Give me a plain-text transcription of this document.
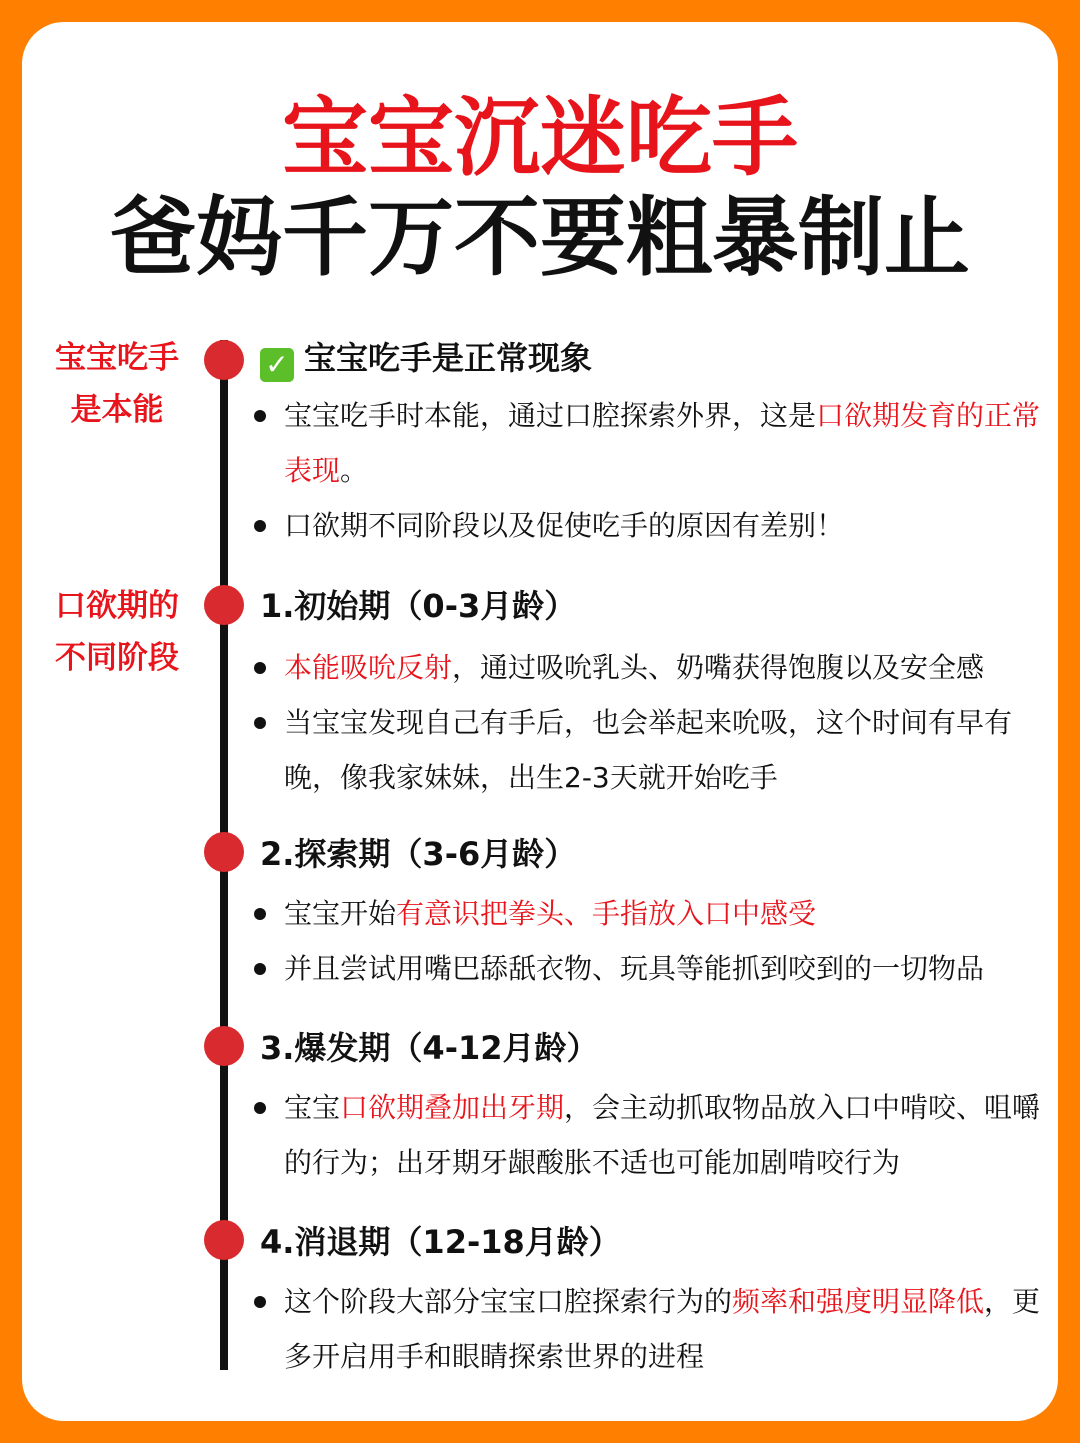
宝宝沉迷吃手
爸妈千万不要粗暴制止
宝宝吃手
是本能
口欲期的
不同阶段
✓ 宝宝吃手是正常现象
宝宝吃手时本能，通过口腔探索外界，这是口欲期发育的正常表现。
口欲期不同阶段以及促使吃手的原因有差别！
1.初始期（0-3月龄）
本能吸吮反射，通过吸吮乳头、奶嘴获得饱腹以及安全感
当宝宝发现自己有手后，也会举起来吮吸，这个时间有早有晚，像我家妹妹，出生2-3天就开始吃手
2.探索期（3-6月龄）
宝宝开始有意识把拳头、手指放入口中感受
并且尝试用嘴巴舔舐衣物、玩具等能抓到咬到的一切物品
3.爆发期（4-12月龄）
宝宝口欲期叠加出牙期，会主动抓取物品放入口中啃咬、咀嚼的行为；出牙期牙龈酸胀不适也可能加剧啃咬行为
4.消退期（12-18月龄）
这个阶段大部分宝宝口腔探索行为的频率和强度明显降低，更多开启用手和眼睛探索世界的进程
